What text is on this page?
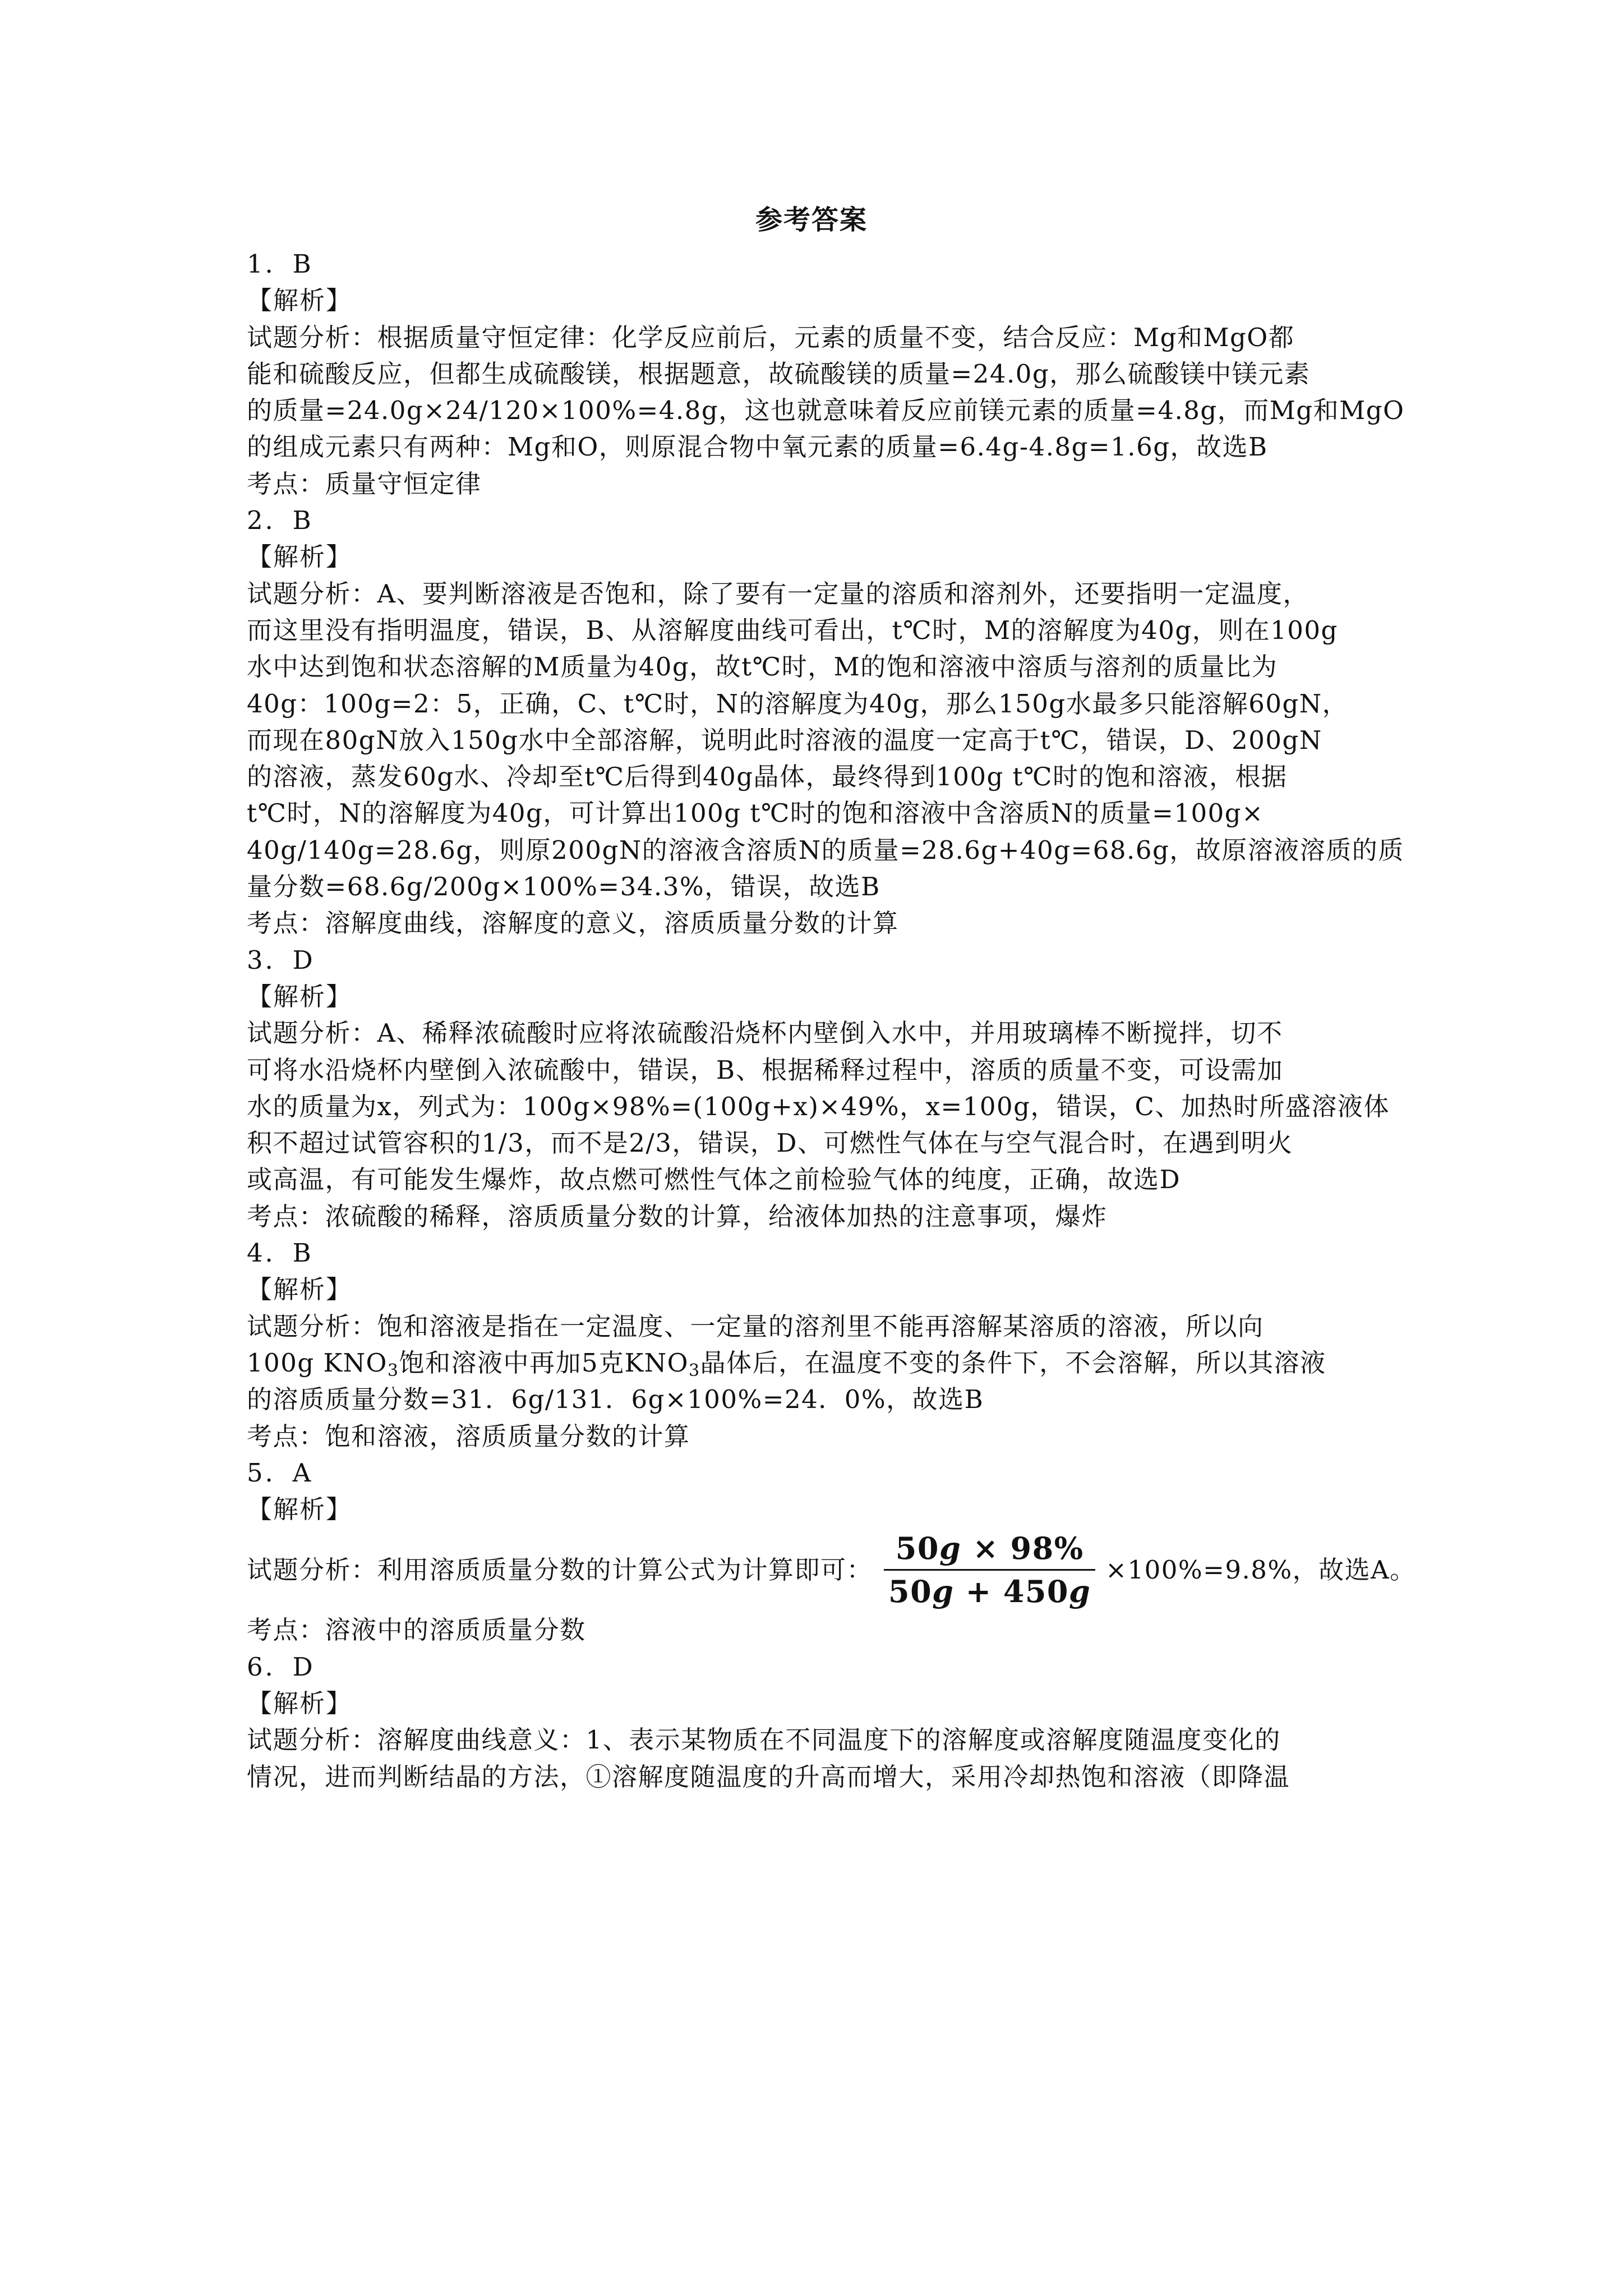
参考答案
1．B
【解析】
试题分析：根据质量守恒定律：化学反应前后，元素的质量不变，结合反应：Mg和MgO都
能和硫酸反应，但都生成硫酸镁，根据题意，故硫酸镁的质量=24.0g，那么硫酸镁中镁元素
的质量=24.0g×24/120×100%=4.8g，这也就意味着反应前镁元素的质量=4.8g，而Mg和MgO
的组成元素只有两种：Mg和O，则原混合物中氧元素的质量=6.4g-4.8g=1.6g，故选B
考点：质量守恒定律
2．B
【解析】
试题分析：A、要判断溶液是否饱和，除了要有一定量的溶质和溶剂外，还要指明一定温度，
而这里没有指明温度，错误，B、从溶解度曲线可看出，t℃时，M的溶解度为40g，则在100g
水中达到饱和状态溶解的M质量为40g，故t℃时，M的饱和溶液中溶质与溶剂的质量比为
40g：100g=2：5，正确，C、t℃时，N的溶解度为40g，那么150g水最多只能溶解60gN，
而现在80gN放入150g水中全部溶解，说明此时溶液的温度一定高于t℃，错误，D、200gN
的溶液，蒸发60g水、冷却至t℃后得到40g晶体，最终得到100g t℃时的饱和溶液，根据
t℃时，N的溶解度为40g，可计算出100g t℃时的饱和溶液中含溶质N的质量=100g×
40g/140g=28.6g，则原200gN的溶液含溶质N的质量=28.6g+40g=68.6g，故原溶液溶质的质
量分数=68.6g/200g×100%=34.3%，错误，故选B
考点：溶解度曲线，溶解度的意义，溶质质量分数的计算
3．D
【解析】
试题分析：A、稀释浓硫酸时应将浓硫酸沿烧杯内壁倒入水中，并用玻璃棒不断搅拌，切不
可将水沿烧杯内壁倒入浓硫酸中，错误，B、根据稀释过程中，溶质的质量不变，可设需加
水的质量为x，列式为：100g×98%=(100g+x)×49%，x=100g，错误，C、加热时所盛溶液体
积不超过试管容积的1/3，而不是2/3，错误，D、可燃性气体在与空气混合时，在遇到明火
或高温，有可能发生爆炸，故点燃可燃性气体之前检验气体的纯度，正确，故选D
考点：浓硫酸的稀释，溶质质量分数的计算，给液体加热的注意事项，爆炸
4．B
【解析】
试题分析：饱和溶液是指在一定温度、一定量的溶剂里不能再溶解某溶质的溶液，所以向
100g $KNO_3$饱和溶液中再加5克$KNO_3$晶体后，在温度不变的条件下，不会溶解，所以其溶液
的溶质质量分数=31．6g/131．6g×100%=24．0%，故选B
考点：饱和溶液，溶质质量分数的计算
5．A
【解析】
试题分析：利用溶质质量分数的计算公式为计算即可： $\frac{50g \times 98\%}{50g + 450g} \times 100\%=9.8\%$，故选A。
考点：溶液中的溶质质量分数
6．D
【解析】
试题分析：溶解度曲线意义：1、表示某物质在不同温度下的溶解度或溶解度随温度变化的
情况，进而判断结晶的方法，①溶解度随温度的升高而增大，采用冷却热饱和溶液（即降温
